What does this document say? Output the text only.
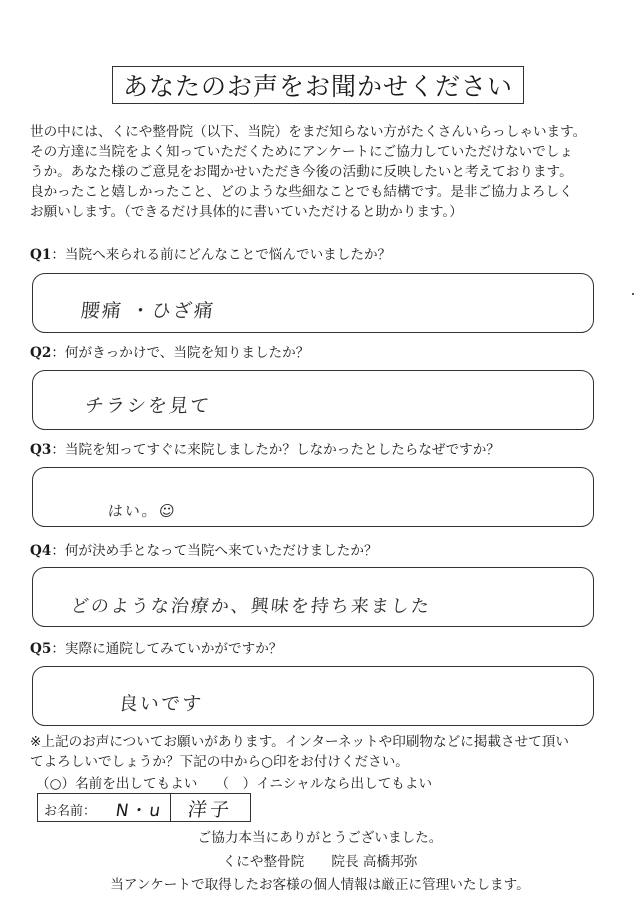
あなたのお声をお聞かせください
世の中には、くにや整骨院（以下、当院）をまだ知らない方がたくさんいらっしゃいます。
その方達に当院をよく知っていただくためにアンケートにご協力していただけないでしょ
うか。あなた様のご意見をお聞かせいただき今後の活動に反映したいと考えております。
良かったこと嬉しかったこと、どのような些細なことでも結構です。是非ご協力よろしく
お願いします。（できるだけ具体的に書いていただけると助かります。）
Q1：当院へ来られる前にどんなことで悩んでいましたか？
腰痛 ・ひざ痛
Q2：何がきっかけで、当院を知りましたか？
チラシを見て
Q3：当院を知ってすぐに来院しましたか？しなかったとしたらなぜですか？
はい。☺
Q4：何が決め手となって当院へ来ていただけましたか？
どのような治療か、興味を持ち来ました
Q5：実際に通院してみていかがですか？
良いです
※上記のお声についてお願いがあります。インターネットや印刷物などに掲載させて頂い
てよろしいでしょうか？下記の中から○印をお付けください。
（○）名前を出してもよい （　）イニシャルなら出してもよい
お名前： N・u 洋子
ご協力本当にありがとうございました。
くにや整骨院　　院長 高橋邦弥
当アンケートで取得したお客様の個人情報は厳正に管理いたします。
